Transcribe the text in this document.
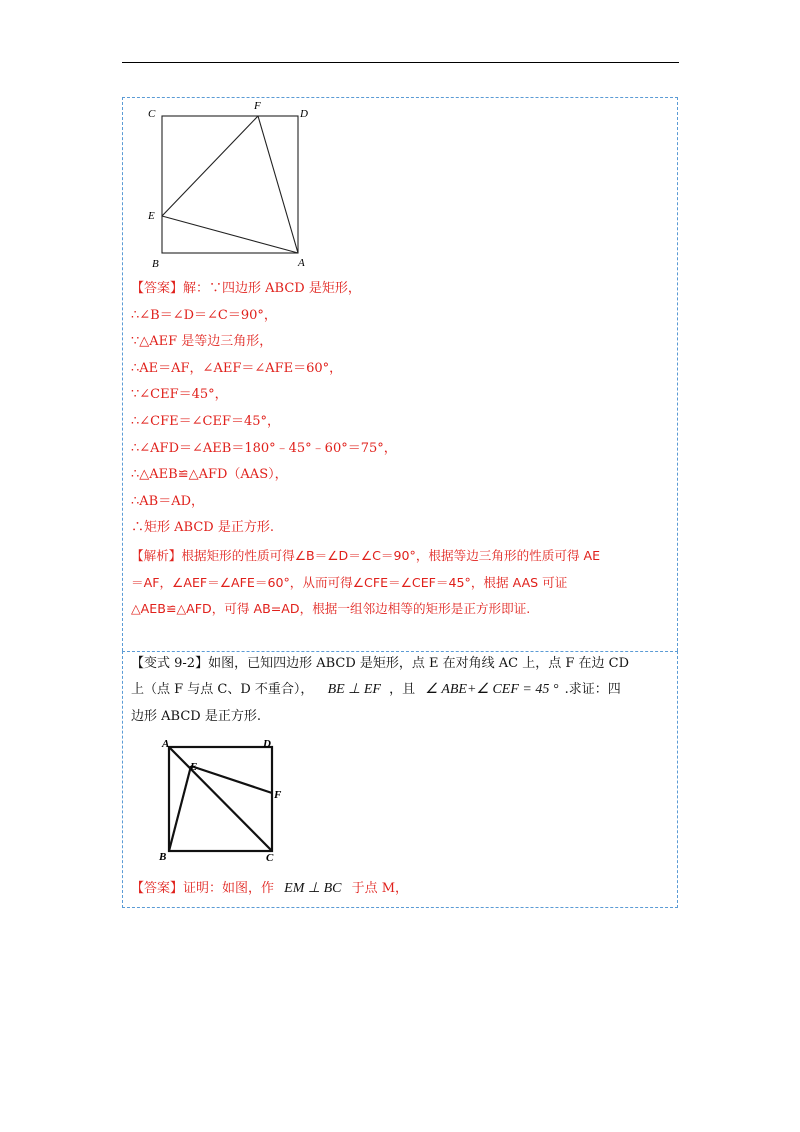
C
F
D
E
B	A
【答案】解：∵四边形 ABCD 是矩形，
∴∠B＝∠D＝∠C＝90°，
∵△AEF 是等边三角形，
∴AE＝AF，∠AEF＝∠AFE＝60°，
∵∠CEF＝45°，
∴∠CFE＝∠CEF＝45°，
∴∠AFD＝∠AEB＝180°﹣45°﹣60°＝75°，
∴△AEB≌△AFD（AAS），
∴AB＝AD，
∴矩形 ABCD 是正方形.
【解析】根据矩形的性质可得∠B＝∠D＝∠C＝90°，根据等边三角形的性质可得 AE
＝AF，∠AEF＝∠AFE＝60°，从而可得∠CFE＝∠CEF＝45°，根据 AAS 可证
△AEB≌△AFD，可得 AB=AD，根据一组邻边相等的矩形是正方形即证.
【变式 9-2】如图，已知四边形 ABCD 是矩形，点 E 在对角线 AC 上，点 F 在边 CD
上（点 F 与点 C、D 不重合）， BE ⊥ EF ，且 ∠ ABE+∠ CEF = 45 ° .求证：四
边形 ABCD 是正方形.
A	D
E
F
B	C
【答案】证明：如图，作 EM ⊥ BC 于点 M，
